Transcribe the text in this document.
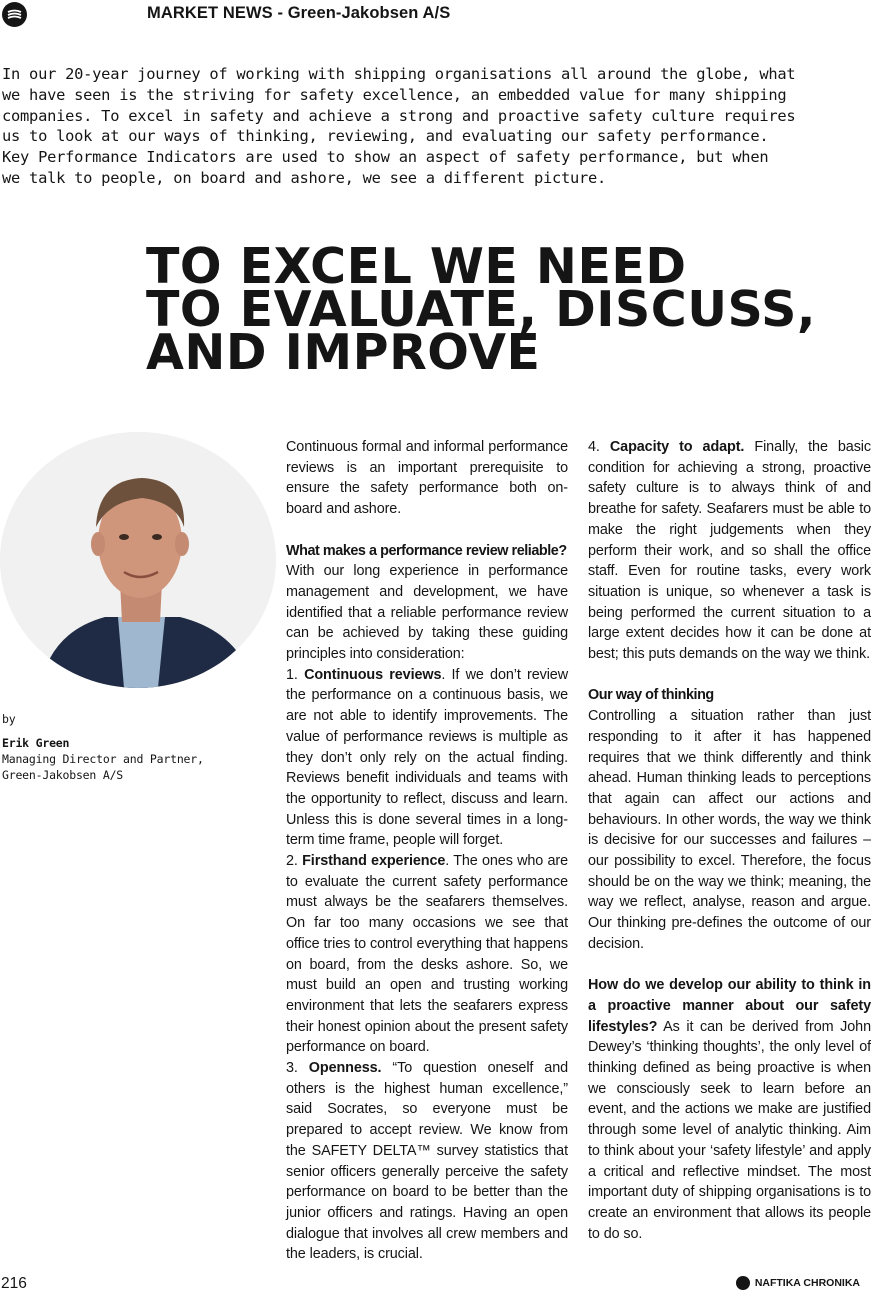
MARKET NEWS - Green-Jakobsen A/S
In our 20-year journey of working with shipping organisations all around the globe, what
we have seen is the striving for safety excellence, an embedded value for many shipping
companies. To excel in safety and achieve a strong and proactive safety culture requires
us to look at our ways of thinking, reviewing, and evaluating our safety performance.
Key Performance Indicators are used to show an aspect of safety performance, but when
we talk to people, on board and ashore, we see a different picture.
TO EXCEL WE NEED
TO EVALUATE, DISCUSS,
AND IMPROVE
by
Erik Green
Managing Director and Partner,
Green-Jakobsen A/S

Continuous formal and informal performance reviews is an important prerequisite to ensure the safety performance both on-board and ashore.

What makes a performance review reliable?

With our long experience in performance management and development, we have identified that a reliable performance review can be achieved by taking these guiding principles into consideration:

1. Continuous reviews. If we don’t review the performance on a continuous basis, we are not able to identify improvements. The value of performance reviews is multiple as they don’t only rely on the actual finding. Reviews benefit individuals and teams with the opportunity to reflect, discuss and learn. Unless this is done several times in a long-term time frame, people will forget.

2. Firsthand experience. The ones who are to evaluate the current safety performance must always be the seafarers themselves. On far too many occasions we see that office tries to control everything that happens on board, from the desks ashore. So, we must build an open and trusting working environment that lets the seafarers express their honest opinion about the present safety performance on board.

3. Openness. “To question oneself and others is the highest human excellence,” said Socrates, so everyone must be prepared to accept review. We know from the SAFETY DELTA™ survey statistics that senior officers generally perceive the safety performance on board to be better than the junior officers and ratings. Having an open dialogue that involves all crew members and the leaders, is crucial.

4. Capacity to adapt. Finally, the basic condition for achieving a strong, proactive safety culture is to always think of and breathe for safety. Seafarers must be able to make the right judgements when they perform their work, and so shall the office staff. Even for routine tasks, every work situation is unique, so whenever a task is being performed the current situation to a large extent decides how it can be done at best; this puts demands on the way we think.

Our way of thinking

Controlling a situation rather than just responding to it after it has happened requires that we think differently and think ahead. Human thinking leads to perceptions that again can affect our actions and behaviours. In other words, the way we think is decisive for our successes and failures – our possibility to excel. Therefore, the focus should be on the way we think; meaning, the way we reflect, analyse, reason and argue. Our thinking pre-defines the outcome of our decision.

How do we develop our ability to think in a proactive manner about our safety lifestyles? As it can be derived from John Dewey’s ‘thinking thoughts’, the only level of thinking defined as being proactive is when we consciously seek to learn before an event, and the actions we make are justified through some level of analytic thinking. Aim to think about your ‘safety lifestyle’ and apply a critical and reflective mindset. The most important duty of shipping organisations is to create an environment that allows its people to do so.

216	NAFTIKA CHRONIKA
